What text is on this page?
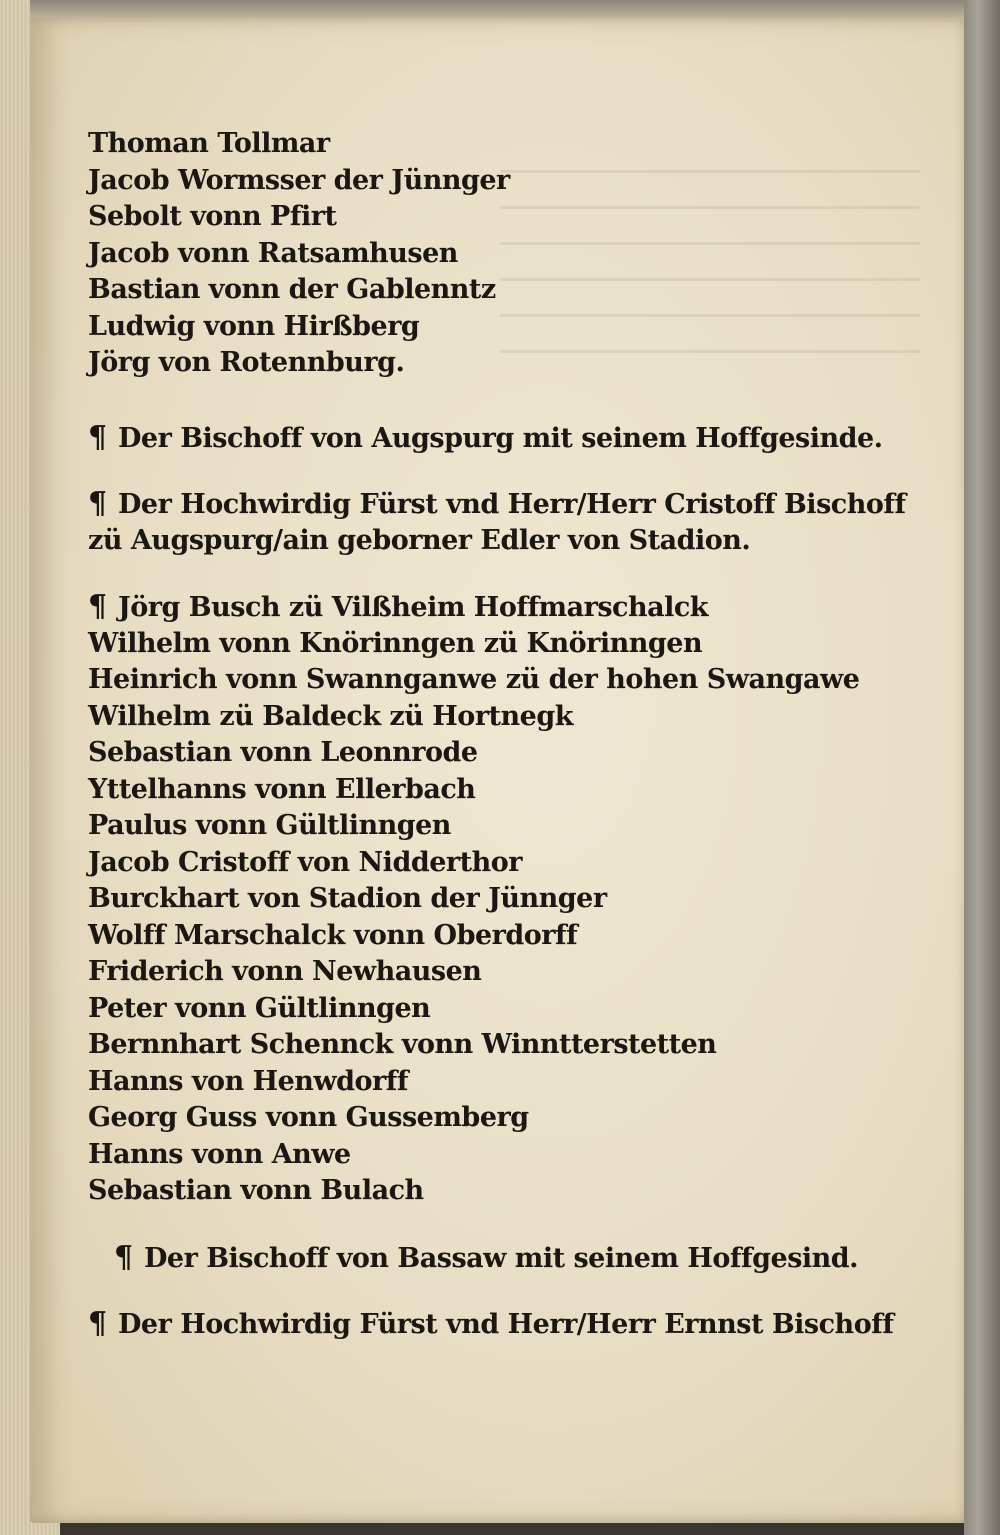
Thoman Tollmar
Jacob Wormsser der Jünnger
Sebolt vonn Pfirt
Jacob vonn Ratsamhusen
Bastian vonn der Gablenntz
Ludwig vonn Hirßberg
Jörg von Rotennburg.
¶ Der Bischoff von Augspurg mit seinem Hoffgesinde.
¶ Der Hochwirdig Fürst vnd Herr/Herr Cristoff Bischoff
zü Augspurg/ain geborner Edler von Stadion.
¶ Jörg Busch zü Vilßheim Hoffmarschalck
Wilhelm vonn Knörinngen zü Knörinngen
Heinrich vonn Swannganwe zü der hohen Swangawe
Wilhelm zü Baldeck zü Hortnegk
Sebastian vonn Leonnrode
Yttelhanns vonn Ellerbach
Paulus vonn Gültlinngen
Jacob Cristoff von Nidderthor
Burckhart von Stadion der Jünnger
Wolff Marschalck vonn Oberdorff
Friderich vonn Newhausen
Peter vonn Gültlinngen
Bernnhart Schennck vonn Winntterstetten
Hanns von Henwdorff
Georg Guss vonn Gussemberg
Hanns vonn Anwe
Sebastian vonn Bulach
¶ Der Bischoff von Bassaw mit seinem Hoffgesind.
¶ Der Hochwirdig Fürst vnd Herr/Herr Ernnst Bischoff
